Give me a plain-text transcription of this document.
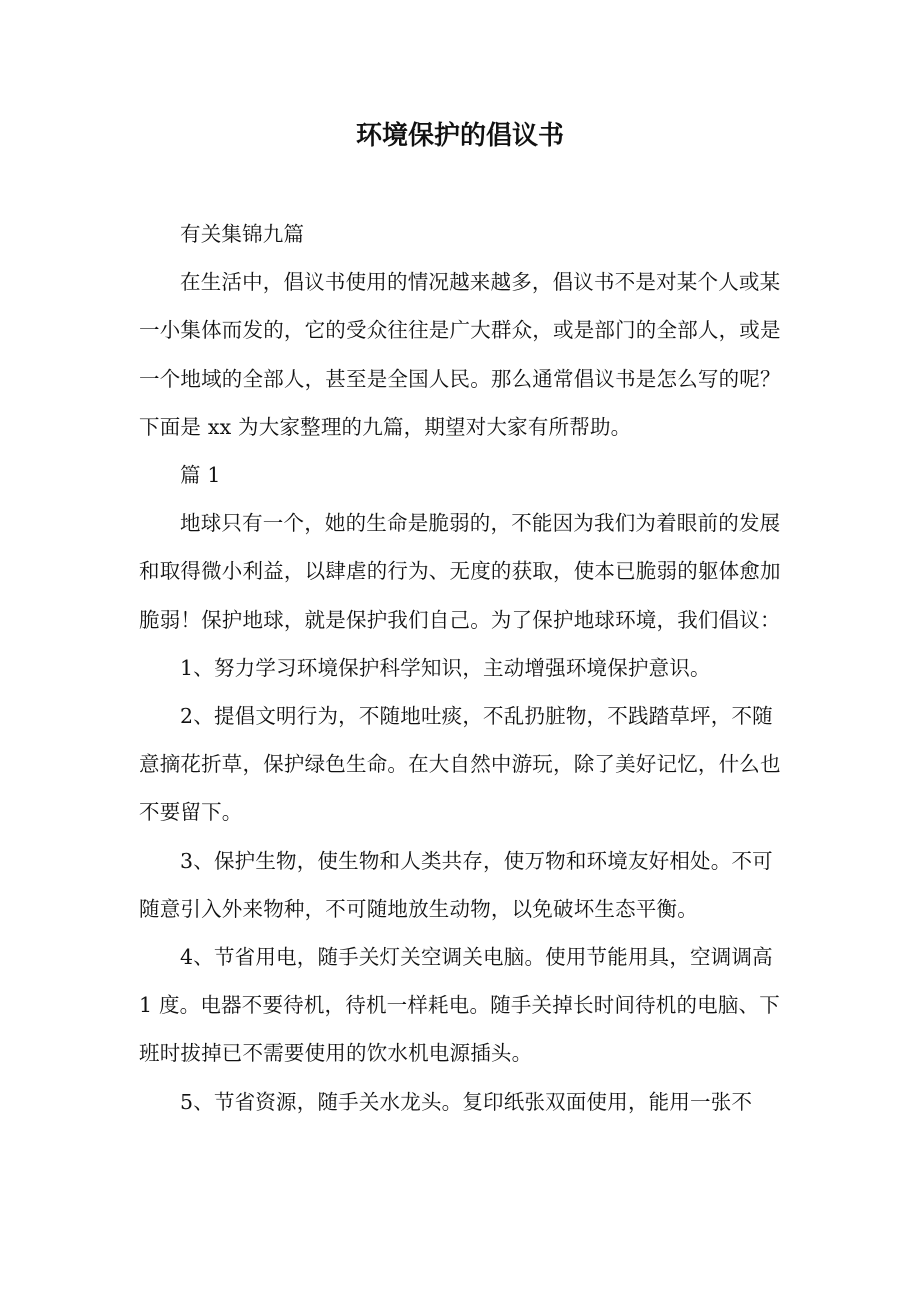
环境保护的倡议书

有关集锦九篇

在生活中，倡议书使用的情况越来越多，倡议书不是对某个人或某一小集体而发的，它的受众往往是广大群众，或是部门的全部人，或是一个地域的全部人，甚至是全国人民。那么通常倡议书是怎么写的呢？下面是 xx 为大家整理的九篇，期望对大家有所帮助。

篇 1

地球只有一个，她的生命是脆弱的，不能因为我们为着眼前的发展和取得微小利益，以肆虐的行为、无度的获取，使本已脆弱的躯体愈加脆弱！保护地球，就是保护我们自己。为了保护地球环境，我们倡议：

1、努力学习环境保护科学知识，主动增强环境保护意识。

2、提倡文明行为，不随地吐痰，不乱扔脏物，不践踏草坪，不随意摘花折草，保护绿色生命。在大自然中游玩，除了美好记忆，什么也不要留下。

3、保护生物，使生物和人类共存，使万物和环境友好相处。不可随意引入外来物种，不可随地放生动物，以免破坏生态平衡。

4、节省用电，随手关灯关空调关电脑。使用节能用具，空调调高 1 度。电器不要待机，待机一样耗电。随手关掉长时间待机的电脑、下班时拔掉已不需要使用的饮水机电源插头。

5、节省资源，随手关水龙头。复印纸张双面使用，能用一张不
